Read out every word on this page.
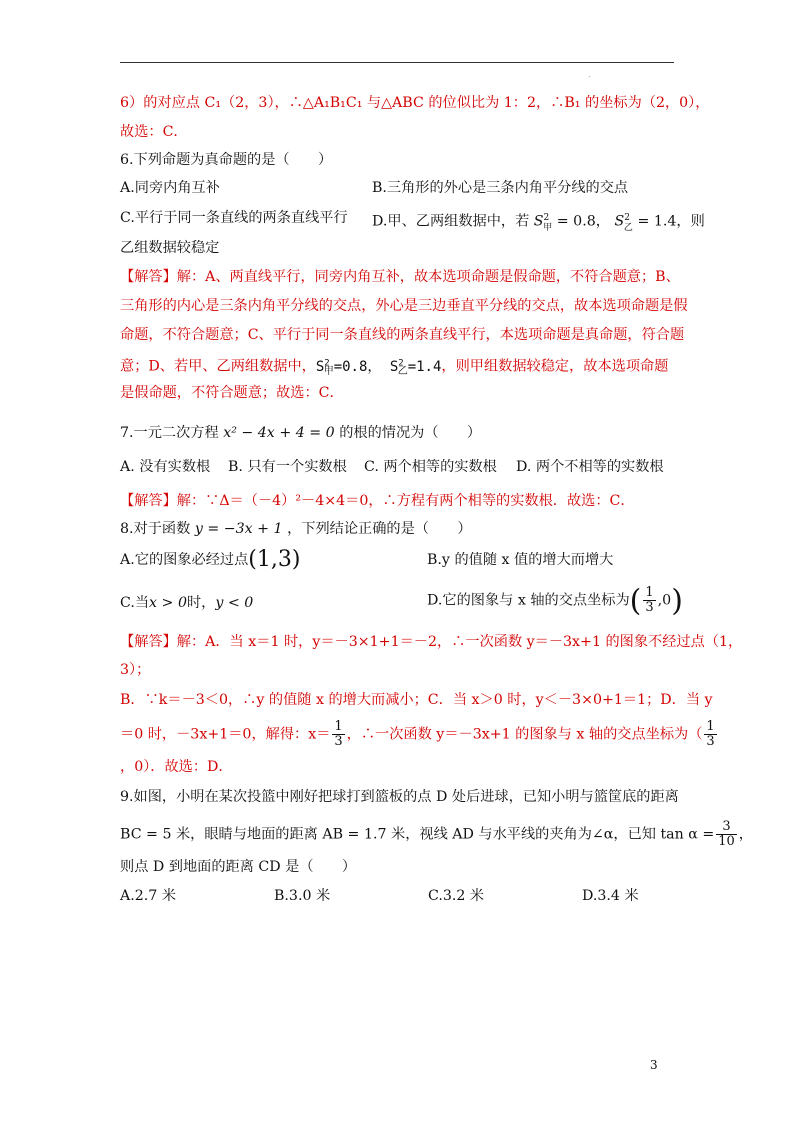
.
6）的对应点 C₁（2，3），∴△A₁B₁C₁ 与△ABC 的位似比为 1：2，∴B₁ 的坐标为（2，0），
故选：C．
6.下列命题为真命题的是（　　）
A.同旁内角互补	B.三角形的外心是三条内角平分线的交点
C.平行于同一条直线的两条直线平行 D.甲、乙两组数据中，若 $S^2_甲 = 0.8$， $S^2_乙 = 1.4$，则
乙组数据较稳定
【解答】解：A、两直线平行，同旁内角互补，故本选项命题是假命题，不符合题意；B、
三角形的内心是三条内角平分线的交点，外心是三边垂直平分线的交点，故本选项命题是假
命题，不符合题意；C、平行于同一条直线的两条直线平行，本选项命题是真命题，符合题
意；D、若甲、乙两组数据中，$S^2_甲=0.8$， $S^2_乙=1.4$，则甲组数据较稳定，故本选项命题
是假命题，不符合题意；故选：C．
7.一元二次方程 x² − 4x + 4 = 0 的根的情况为（　　）
A. 没有实数根 B. 只有一个实数根 C. 两个相等的实数根 D. 两个不相等的实数根
【解答】解：∵Δ＝（－4）²－4×4＝0，∴方程有两个相等的实数根．故选：C．
8.对于函数 y = −3x + 1 ，下列结论正确的是（　　）
A.它的图象必经过点(1,3)	B.y 的值随 x 值的增大而增大
C.当x > 0时，y < 0	D.它的图象与 x 轴的交点坐标为( $\frac{1}{3} ,0$)
【解答】解：A．当 x＝1 时，y＝－3×1+1＝－2，∴一次函数 y＝－3x+1 的图象不经过点（1，
3）；
B．∵k＝－3＜0，∴y 的值随 x 的增大而减小；C．当 x＞0 时，y＜－3×0+1＝1；D．当 y
＝0 时，－3x+1＝0，解得：$x= \frac{1}{3}$ ，∴一次函数 y＝－3x+1 的图象与 x 轴的交点坐标为（ $\frac{1}{3}$
，0）．故选：D．
9.如图，小明在某次投篮中刚好把球打到篮板的点 D 处后进球，已知小明与篮筐底的距离
BC = 5 米，眼睛与地面的距离 AB = 1.7 米，视线 AD 与水平线的夹角为∠α，已知 $\tan \alpha = \frac{3}{10}$ ，
则点 D 到地面的距离 CD 是（　　）
A.2.7 米	B.3.0 米	C.3.2 米	D.3.4 米
3
